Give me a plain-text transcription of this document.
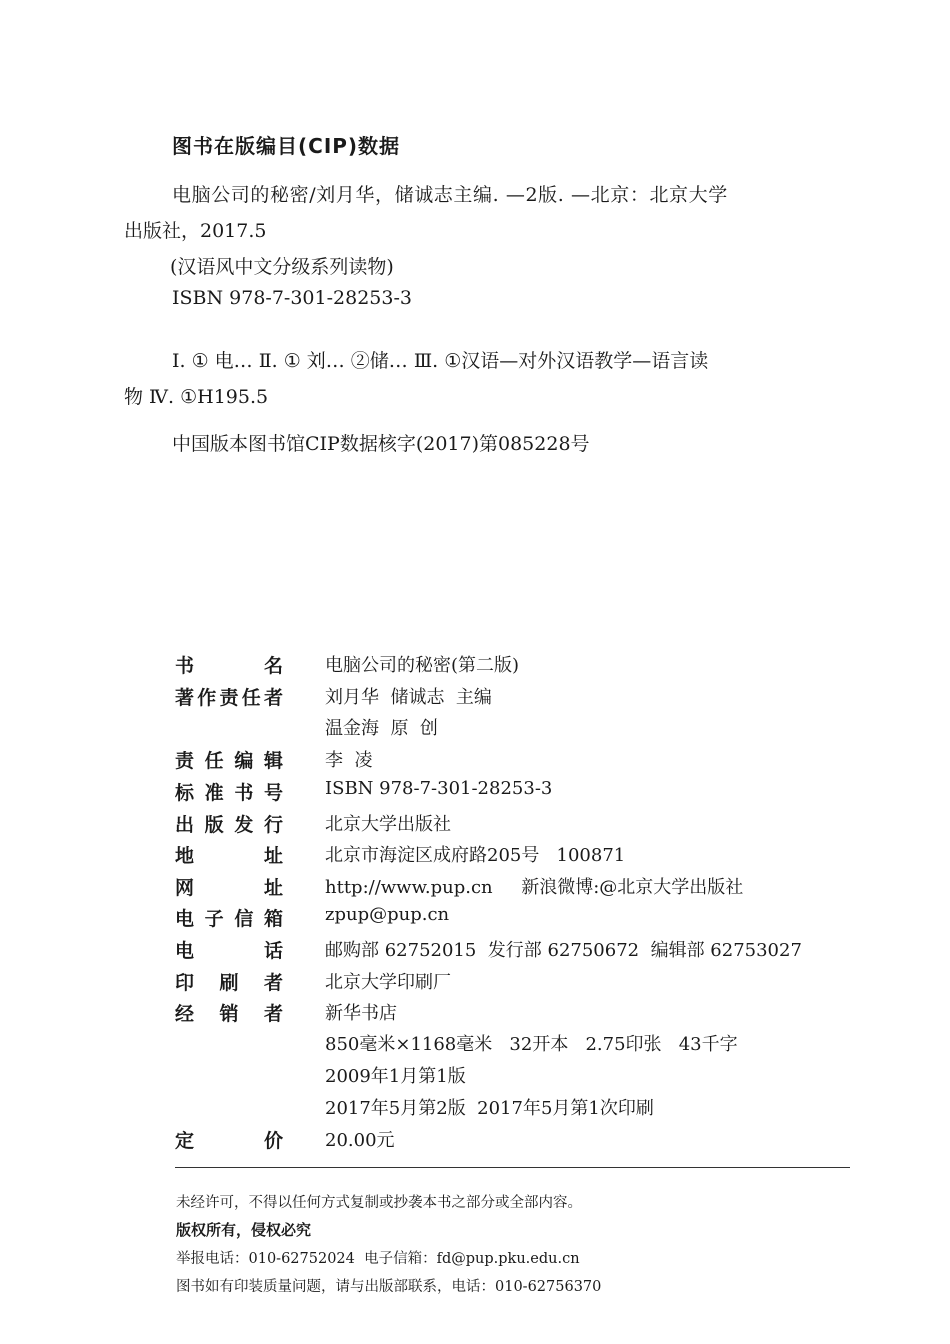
图书在版编目(CIP)数据
电脑公司的秘密/刘月华，储诚志主编. —2版. —北京：北京大学
出版社，2017.5
(汉语风中文分级系列读物)
ISBN 978-7-301-28253-3
Ⅰ. ① 电… Ⅱ. ① 刘… ②储… Ⅲ. ①汉语—对外汉语教学—语言读
物 Ⅳ. ①H195.5
中国版本图书馆CIP数据核字(2017)第085228号
书名 电脑公司的秘密(第二版)
著作责任者 刘月华  储诚志  主编
温金海  原  创
责任编辑 李  凌
标准书号 ISBN 978-7-301-28253-3
出版发行 北京大学出版社
地址 北京市海淀区成府路205号   100871
网址 http://www.pup.cn     新浪微博:@北京大学出版社
电子信箱 zpup@pup.cn
电话 邮购部 62752015  发行部 62750672  编辑部 62753027
印刷者 北京大学印刷厂
经销者 新华书店
850毫米×1168毫米   32开本   2.75印张   43千字
2009年1月第1版
2017年5月第2版  2017年5月第1次印刷
定价 20.00元
未经许可，不得以任何方式复制或抄袭本书之部分或全部内容。
版权所有，侵权必究
举报电话：010-62752024  电子信箱：fd@pup.pku.edu.cn
图书如有印装质量问题，请与出版部联系，电话：010-62756370
